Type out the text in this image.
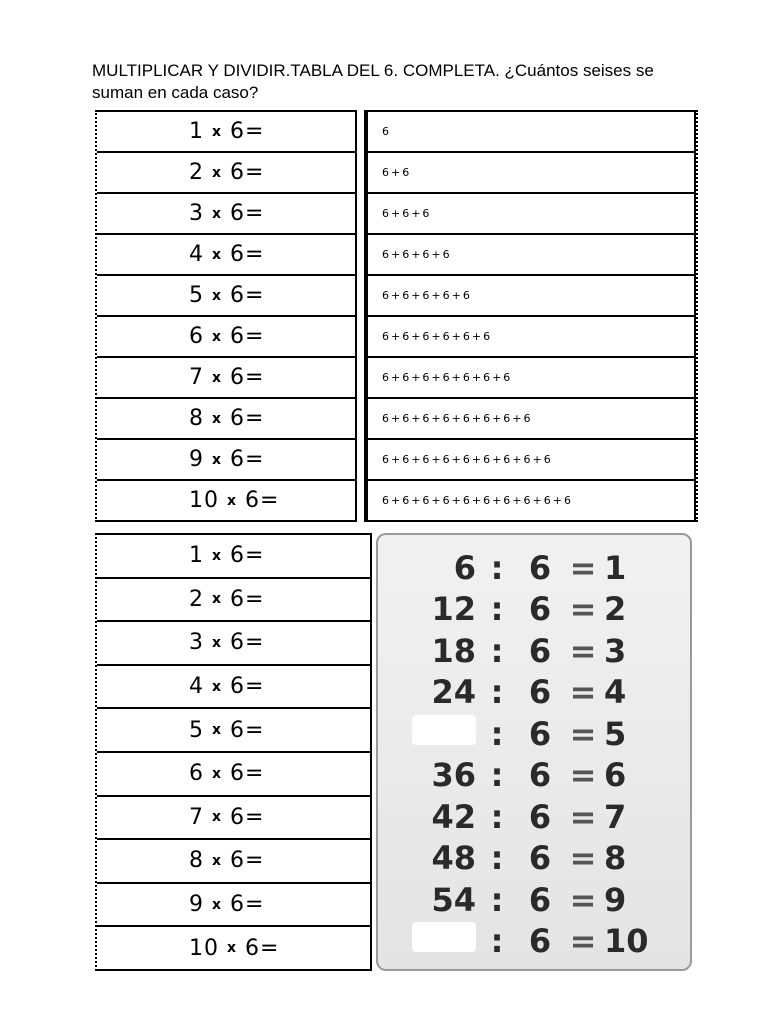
MULTIPLICAR Y DIVIDIR.TABLA DEL 6. COMPLETA. ¿Cuántos seises se suman en cada caso?
1 x 6=
2 x 6=
3 x 6=
4 x 6=
5 x 6=
6 x 6=
7 x 6=
8 x 6=
9 x 6=
10 x 6=
6
6+6
6+6+6
6+6+6+6
6+6+6+6+6
6+6+6+6+6+6
6+6+6+6+6+6+6
6+6+6+6+6+6+6+6
6+6+6+6+6+6+6+6+6
6+6+6+6+6+6+6+6+6+6
1 x 6=
2 x 6=
3 x 6=
4 x 6=
5 x 6=
6 x 6=
7 x 6=
8 x 6=
9 x 6=
10 x 6=
6 : 6 = 1
12 : 6 = 2
18 : 6 = 3
24 : 6 = 4
: 6 = 5
36 : 6 = 6
42 : 6 = 7
48 : 6 = 8
54 : 6 = 9
: 6 = 10
